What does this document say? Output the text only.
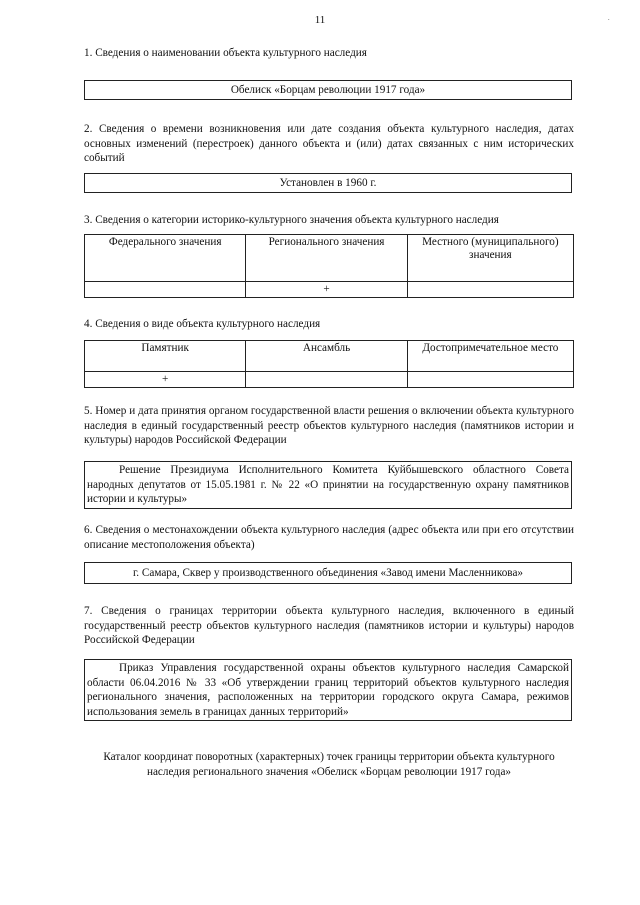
11	·
1. Сведения о наименовании объекта культурного наследия
Обелиск «Борцам революции 1917 года»
2. Сведения о времени возникновения или дате создания объекта культурного наследия, датах основных изменений (перестроек) данного объекта и (или) датах связанных с ним исторических событий
Установлен в 1960 г.
3. Сведения о категории историко-культурного значения объекта культурного наследия
Федерального значения	Регионального значения	Местного (муниципального) значения
	+	
4. Сведения о виде объекта культурного наследия
Памятник	Ансамбль	Достопримечательное место
+		
5. Номер и дата принятия органом государственной власти решения о включении объекта культурного наследия в единый государственный реестр объектов культурного наследия (памятников истории и культуры) народов Российской Федерации
Решение Президиума Исполнительного Комитета Куйбышевского областного Совета народных депутатов от 15.05.1981 г. № 22 «О принятии на государственную охрану памятников истории и культуры»
6. Сведения о местонахождении объекта культурного наследия (адрес объекта или при его отсутствии описание местоположения объекта)
г. Самара, Сквер у производственного объединения «Завод имени Масленникова»
7. Сведения о границах территории объекта культурного наследия, включенного в единый государственный реестр объектов культурного наследия (памятников истории и культуры) народов Российской Федерации
Приказ Управления государственной охраны объектов культурного наследия Самарской области 06.04.2016 № 33 «Об утверждении границ территорий объектов культурного наследия регионального значения, расположенных на территории городского округа Самара, режимов использования земель в границах данных территорий»
Каталог координат поворотных (характерных) точек границы территории объекта культурного наследия регионального значения «Обелиск «Борцам революции 1917 года»
